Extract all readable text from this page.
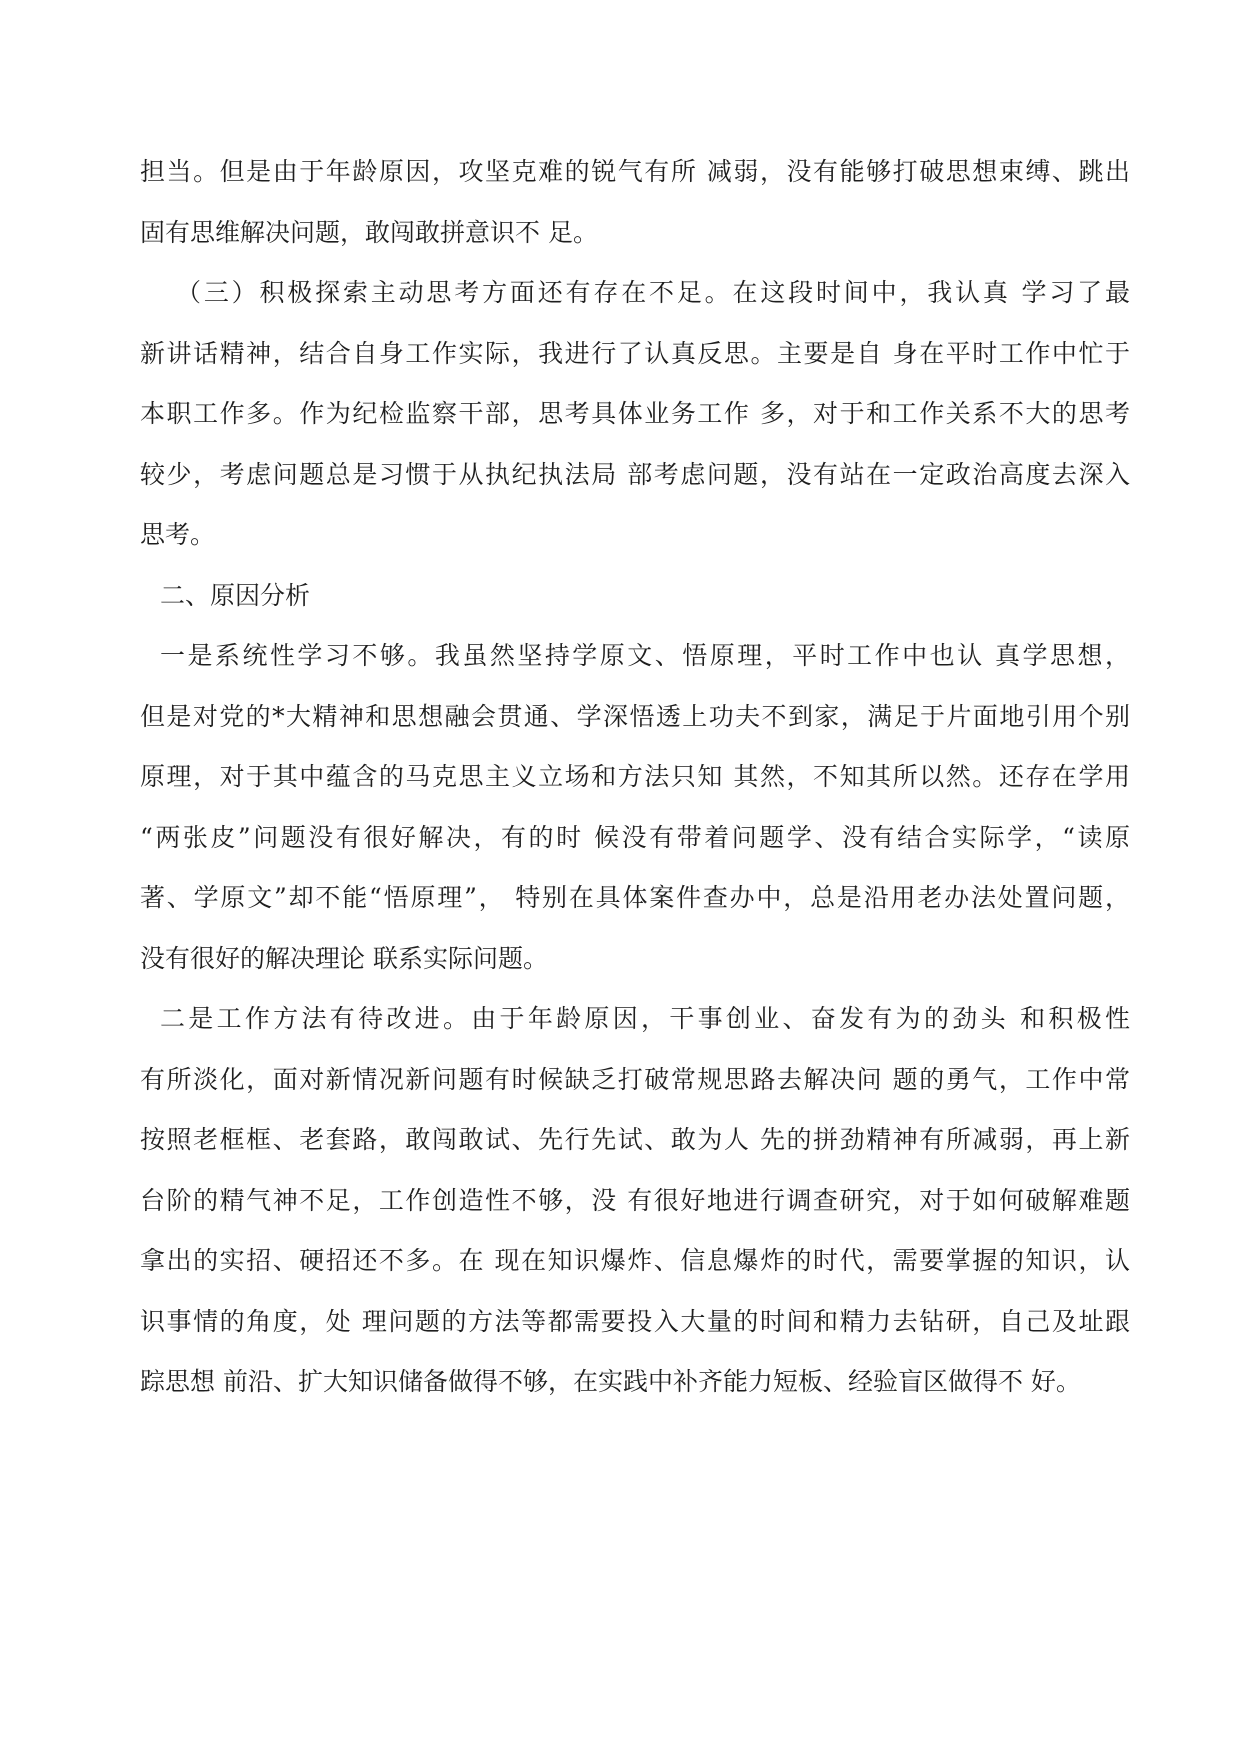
担当。但是由于年龄原因，攻坚克难的锐气有所 减弱，没有能够打破思想束缚、跳出
固有思维解决问题，敢闯敢拼意识不 足。
（三）积极探索主动思考方面还有存在不足。在这段时间中，我认真 学习了最
新讲话精神，结合自身工作实际，我进行了认真反思。主要是自 身在平时工作中忙于
本职工作多。作为纪检监察干部，思考具体业务工作 多，对于和工作关系不大的思考
较少，考虑问题总是习惯于从执纪执法局 部考虑问题，没有站在一定政治高度去深入
思考。
二、原因分析
一是系统性学习不够。我虽然坚持学原文、悟原理，平时工作中也认 真学思想，
但是对党的*大精神和思想融会贯通、学深悟透上功夫不到家，满足于片面地引用个别
原理，对于其中蕴含的马克思主义立场和方法只知 其然，不知其所以然。还存在学用
“两张皮”问题没有很好解决，有的时 候没有带着问题学、没有结合实际学，“读原
著、学原文”却不能“悟原理”， 特别在具体案件查办中，总是沿用老办法处置问题，
没有很好的解决理论 联系实际问题。
二是工作方法有待改进。由于年龄原因，干事创业、奋发有为的劲头 和积极性
有所淡化，面对新情况新问题有时候缺乏打破常规思路去解决问 题的勇气，工作中常
按照老框框、老套路，敢闯敢试、先行先试、敢为人 先的拼劲精神有所减弱，再上新
台阶的精气神不足，工作创造性不够，没 有很好地进行调查研究，对于如何破解难题
拿出的实招、硬招还不多。在 现在知识爆炸、信息爆炸的时代，需要掌握的知识，认
识事情的角度，处 理问题的方法等都需要投入大量的时间和精力去钻研，自己及址跟
踪思想 前沿、扩大知识储备做得不够，在实践中补齐能力短板、经验盲区做得不 好。
